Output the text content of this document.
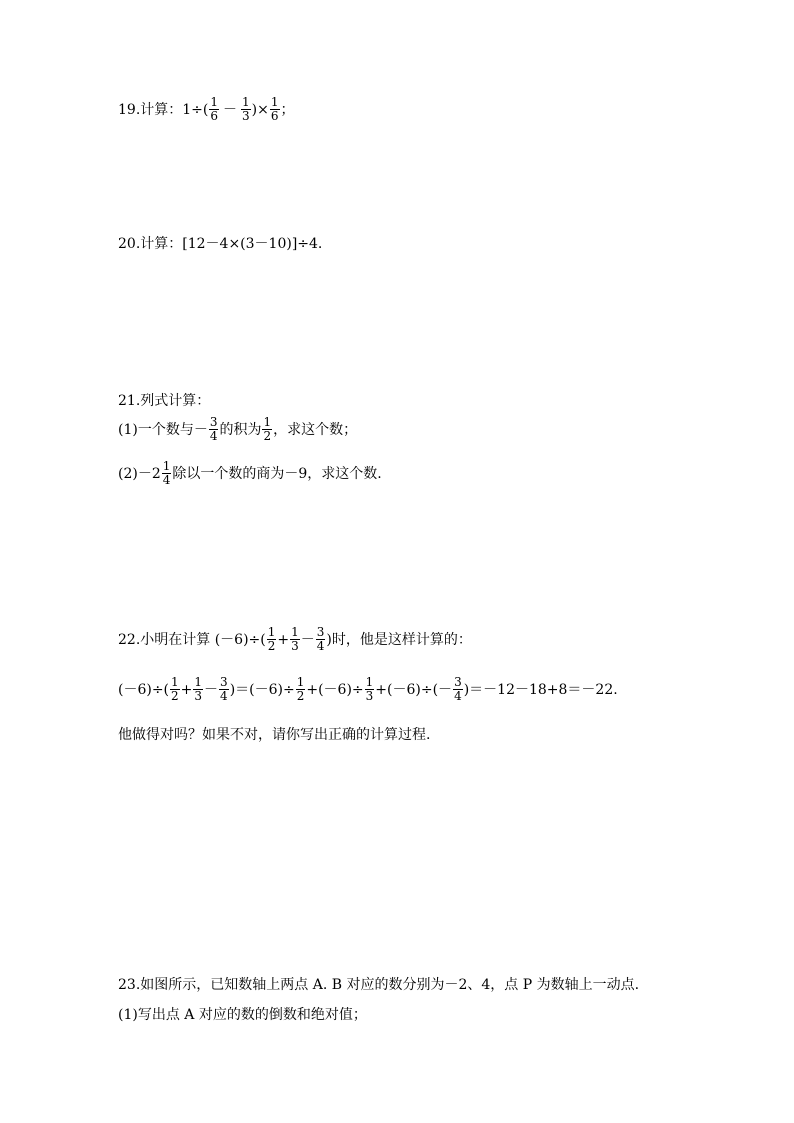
19.计算：$1\div( \frac{1}{6} - \frac{1}{3}$ )× $\frac{1}{6}$ ；
20.计算：[12－4×(3－10)]÷4.
21.列式计算：
(1)一个数与－ $\frac{3}{4}$ 的积为 $\frac{1}{2}$ ，求这个数；
$(2)-2 \frac{1}{4}$ 除以一个数的商为－9，求这个数.
22.小明在计算 $(-6)\div( \frac{1}{2} + \frac{1}{3} - \frac{3}{4}$ )时，他是这样计算的：
$(-6)\div( \frac{1}{2} + \frac{1}{3} - \frac{3}{4} )=(-6)\div \frac{1}{2} +(-6)\div \frac{1}{3} +(-6)\div(- \frac{3}{4} )=-12-18+8=-22$.
他做得对吗？如果不对，请你写出正确的计算过程.
23.如图所示，已知数轴上两点 A. B 对应的数分别为－2、4，点 P 为数轴上一动点.
(1)写出点 A 对应的数的倒数和绝对值；
